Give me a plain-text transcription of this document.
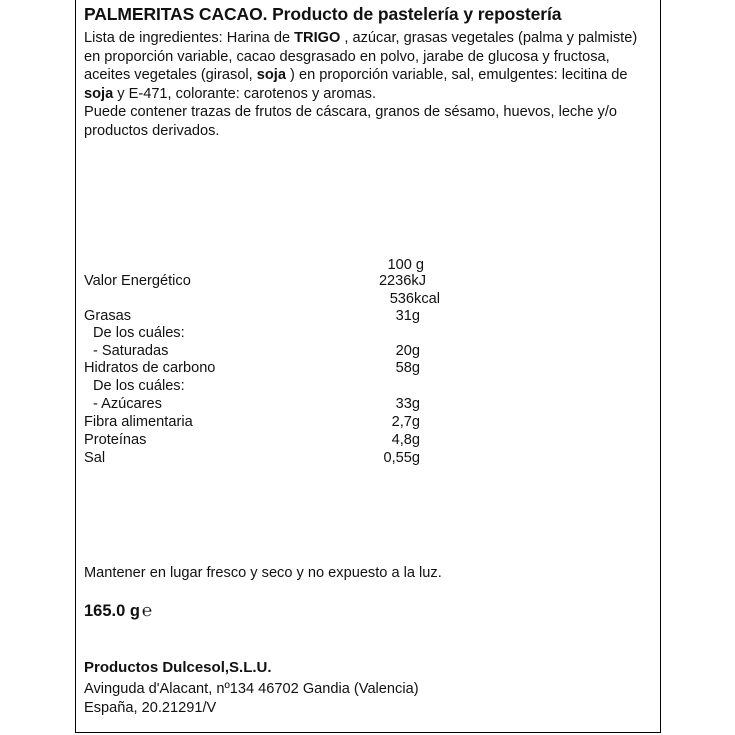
PALMERITAS CACAO. Producto de pastelería y repostería
Lista de ingredientes: Harina de TRIGO , azúcar, grasas vegetales (palma y palmiste) en proporción variable, cacao desgrasado en polvo, jarabe de glucosa y fructosa, aceites vegetales (girasol, soja ) en proporción variable, sal, emulgentes: lecitina de soja y E-471, colorante: carotenos y aromas.
Puede contener trazas de frutos de cáscara, granos de sésamo, huevos, leche y/o productos derivados.
100 g
Valor Energético	2236kJ
536kcal
Grasas	31g
De los cuáles:
- Saturadas	20g
Hidratos de carbono	58g
De los cuáles:
- Azúcares	33g
Fibra alimentaria	2,7g
Proteínas	4,8g
Sal	0,55g
Mantener en lugar fresco y seco y no expuesto a la luz.
165.0 g ℮
Productos Dulcesol,S.L.U.
Avinguda d'Alacant, nº134 46702 Gandia (Valencia)
España, 20.21291/V
